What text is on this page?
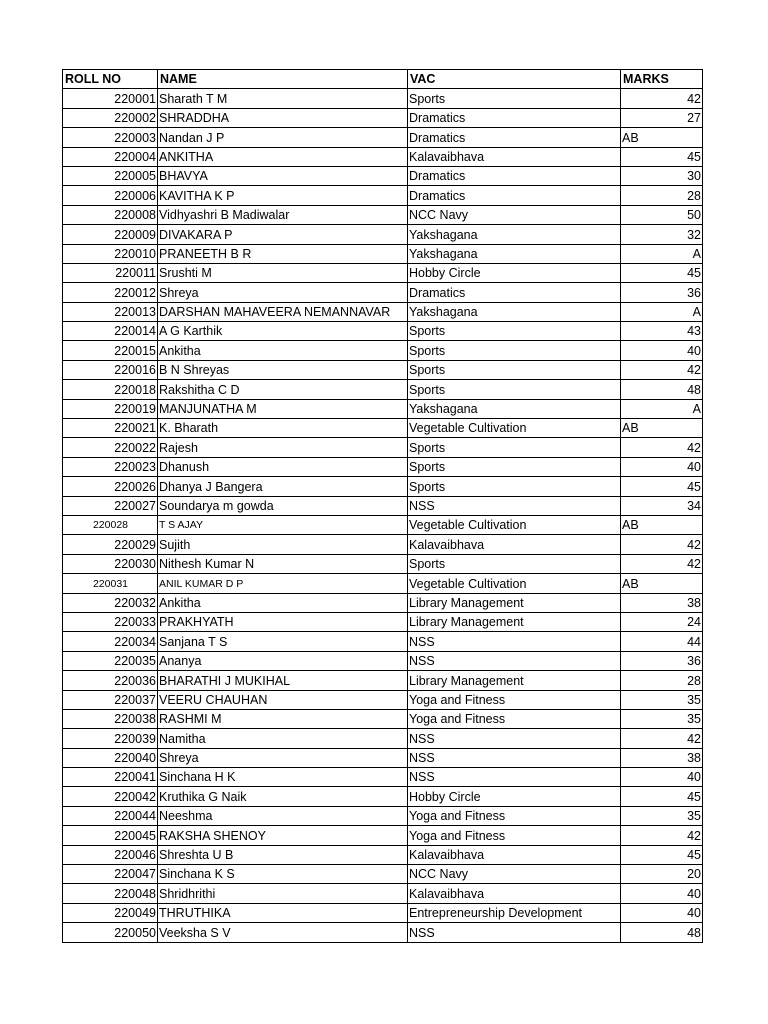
ROLL NO	NAME	VAC	MARKS
220001	Sharath T M	Sports	42
220002	SHRADDHA	Dramatics	27
220003	Nandan J P	Dramatics	AB
220004	ANKITHA	Kalavaibhava	45
220005	BHAVYA	Dramatics	30
220006	KAVITHA K P	Dramatics	28
220008	Vidhyashri B Madiwalar	NCC Navy	50
220009	DIVAKARA P	Yakshagana	32
220010	PRANEETH B R	Yakshagana	A
220011	Srushti M	Hobby Circle	45
220012	Shreya	Dramatics	36
220013	DARSHAN MAHAVEERA NEMANNAVAR	Yakshagana	A
220014	A G Karthik	Sports	43
220015	Ankitha	Sports	40
220016	B N Shreyas	Sports	42
220018	Rakshitha C D	Sports	48
220019	MANJUNATHA M	Yakshagana	A
220021	K. Bharath	Vegetable Cultivation	AB
220022	Rajesh	Sports	42
220023	Dhanush	Sports	40
220026	Dhanya J Bangera	Sports	45
220027	Soundarya m gowda	NSS	34
220028	T S AJAY	Vegetable Cultivation	AB
220029	Sujith	Kalavaibhava	42
220030	Nithesh Kumar N	Sports	42
220031	ANIL KUMAR D P	Vegetable Cultivation	AB
220032	Ankitha	Library Management	38
220033	PRAKHYATH	Library Management	24
220034	Sanjana T S	NSS	44
220035	Ananya	NSS	36
220036	BHARATHI J MUKIHAL	Library Management	28
220037	VEERU CHAUHAN	Yoga and Fitness	35
220038	RASHMI M	Yoga and Fitness	35
220039	Namitha	NSS	42
220040	Shreya	NSS	38
220041	Sinchana H K	NSS	40
220042	Kruthika G Naik	Hobby Circle	45
220044	Neeshma	Yoga and Fitness	35
220045	RAKSHA SHENOY	Yoga and Fitness	42
220046	Shreshta U B	Kalavaibhava	45
220047	Sinchana K S	NCC Navy	20
220048	Shridhrithi	Kalavaibhava	40
220049	THRUTHIKA	Entrepreneurship Development	40
220050	Veeksha S V	NSS	48
